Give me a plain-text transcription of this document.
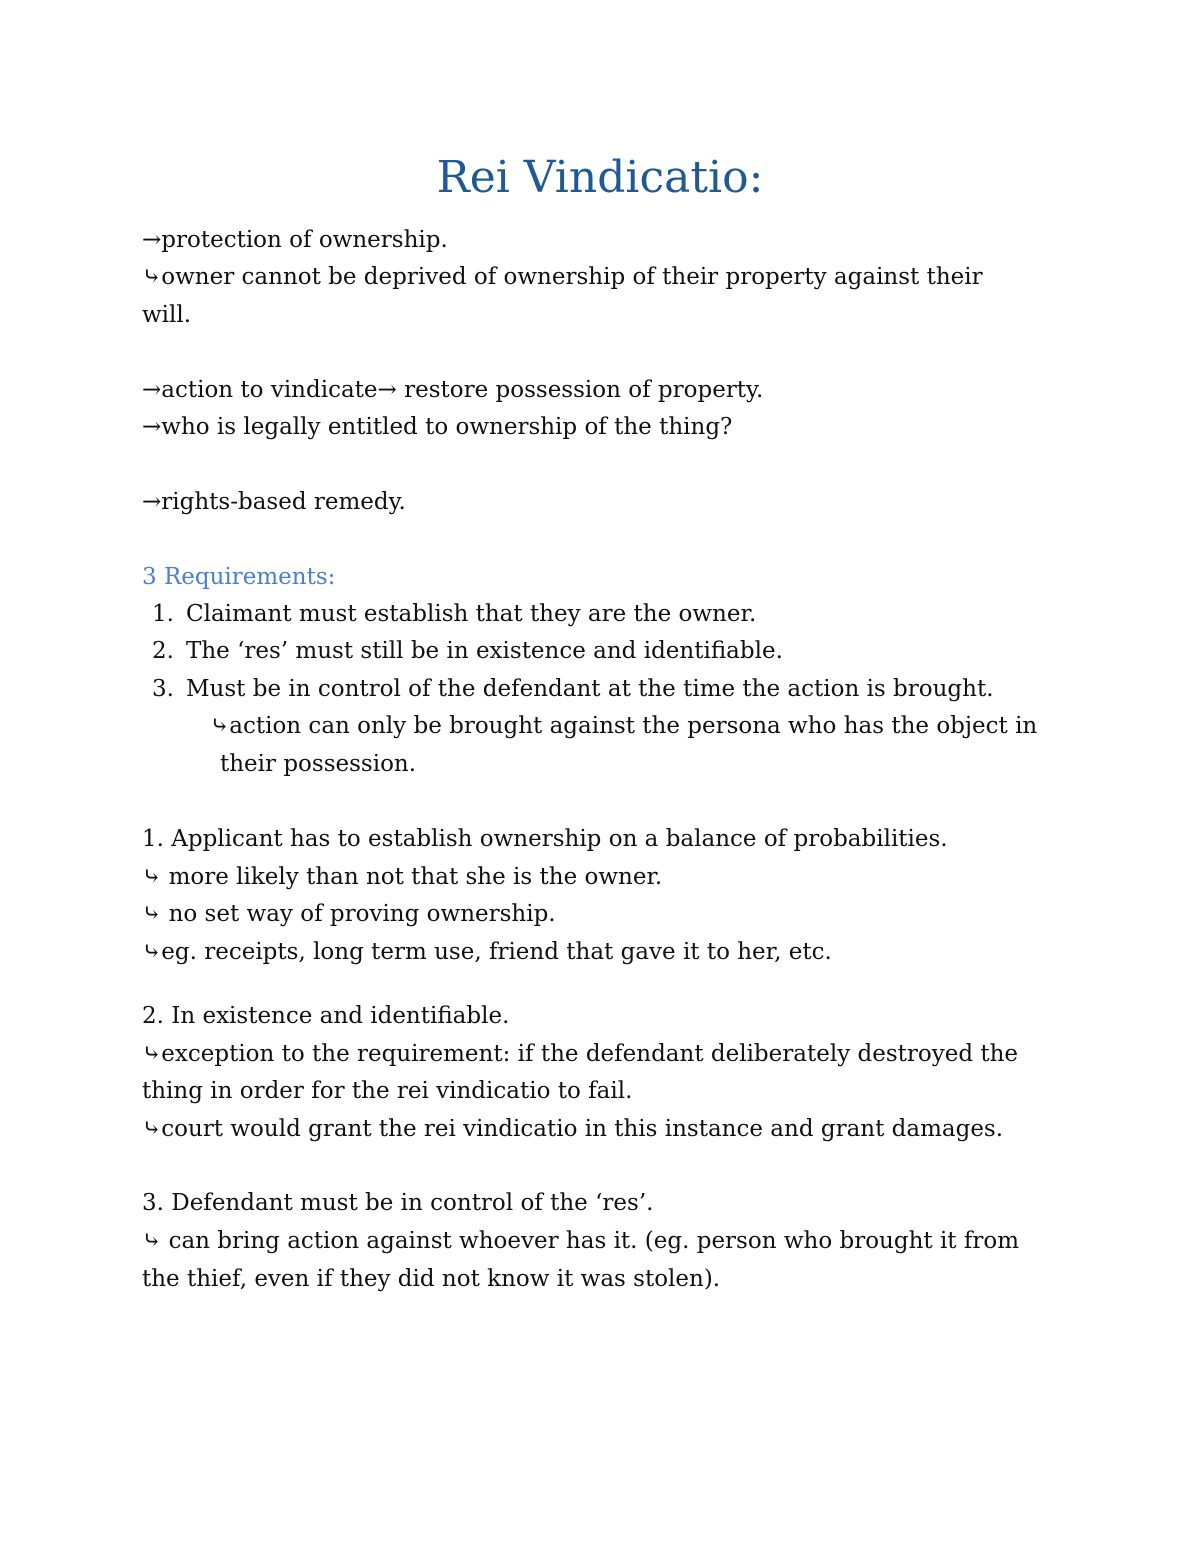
Rei Vindicatio:

→protection of ownership.

⤷owner cannot be deprived of ownership of their property against their

will.

→action to vindicate→ restore possession of property.

→who is legally entitled to ownership of the thing?

→rights-based remedy.

3 Requirements:

1. Claimant must establish that they are the owner.

2. The ‘res’ must still be in existence and identifiable.

3. Must be in control of the defendant at the time the action is brought.

⤷action can only be brought against the persona who has the object in

their possession.

1. Applicant has to establish ownership on a balance of probabilities.

⤷ more likely than not that she is the owner.

⤷ no set way of proving ownership.

⤷eg. receipts, long term use, friend that gave it to her, etc.

2. In existence and identifiable.

⤷exception to the requirement: if the defendant deliberately destroyed the

thing in order for the rei vindicatio to fail.

⤷court would grant the rei vindicatio in this instance and grant damages.

3. Defendant must be in control of the ‘res’.

⤷ can bring action against whoever has it. (eg. person who brought it from

the thief, even if they did not know it was stolen).
